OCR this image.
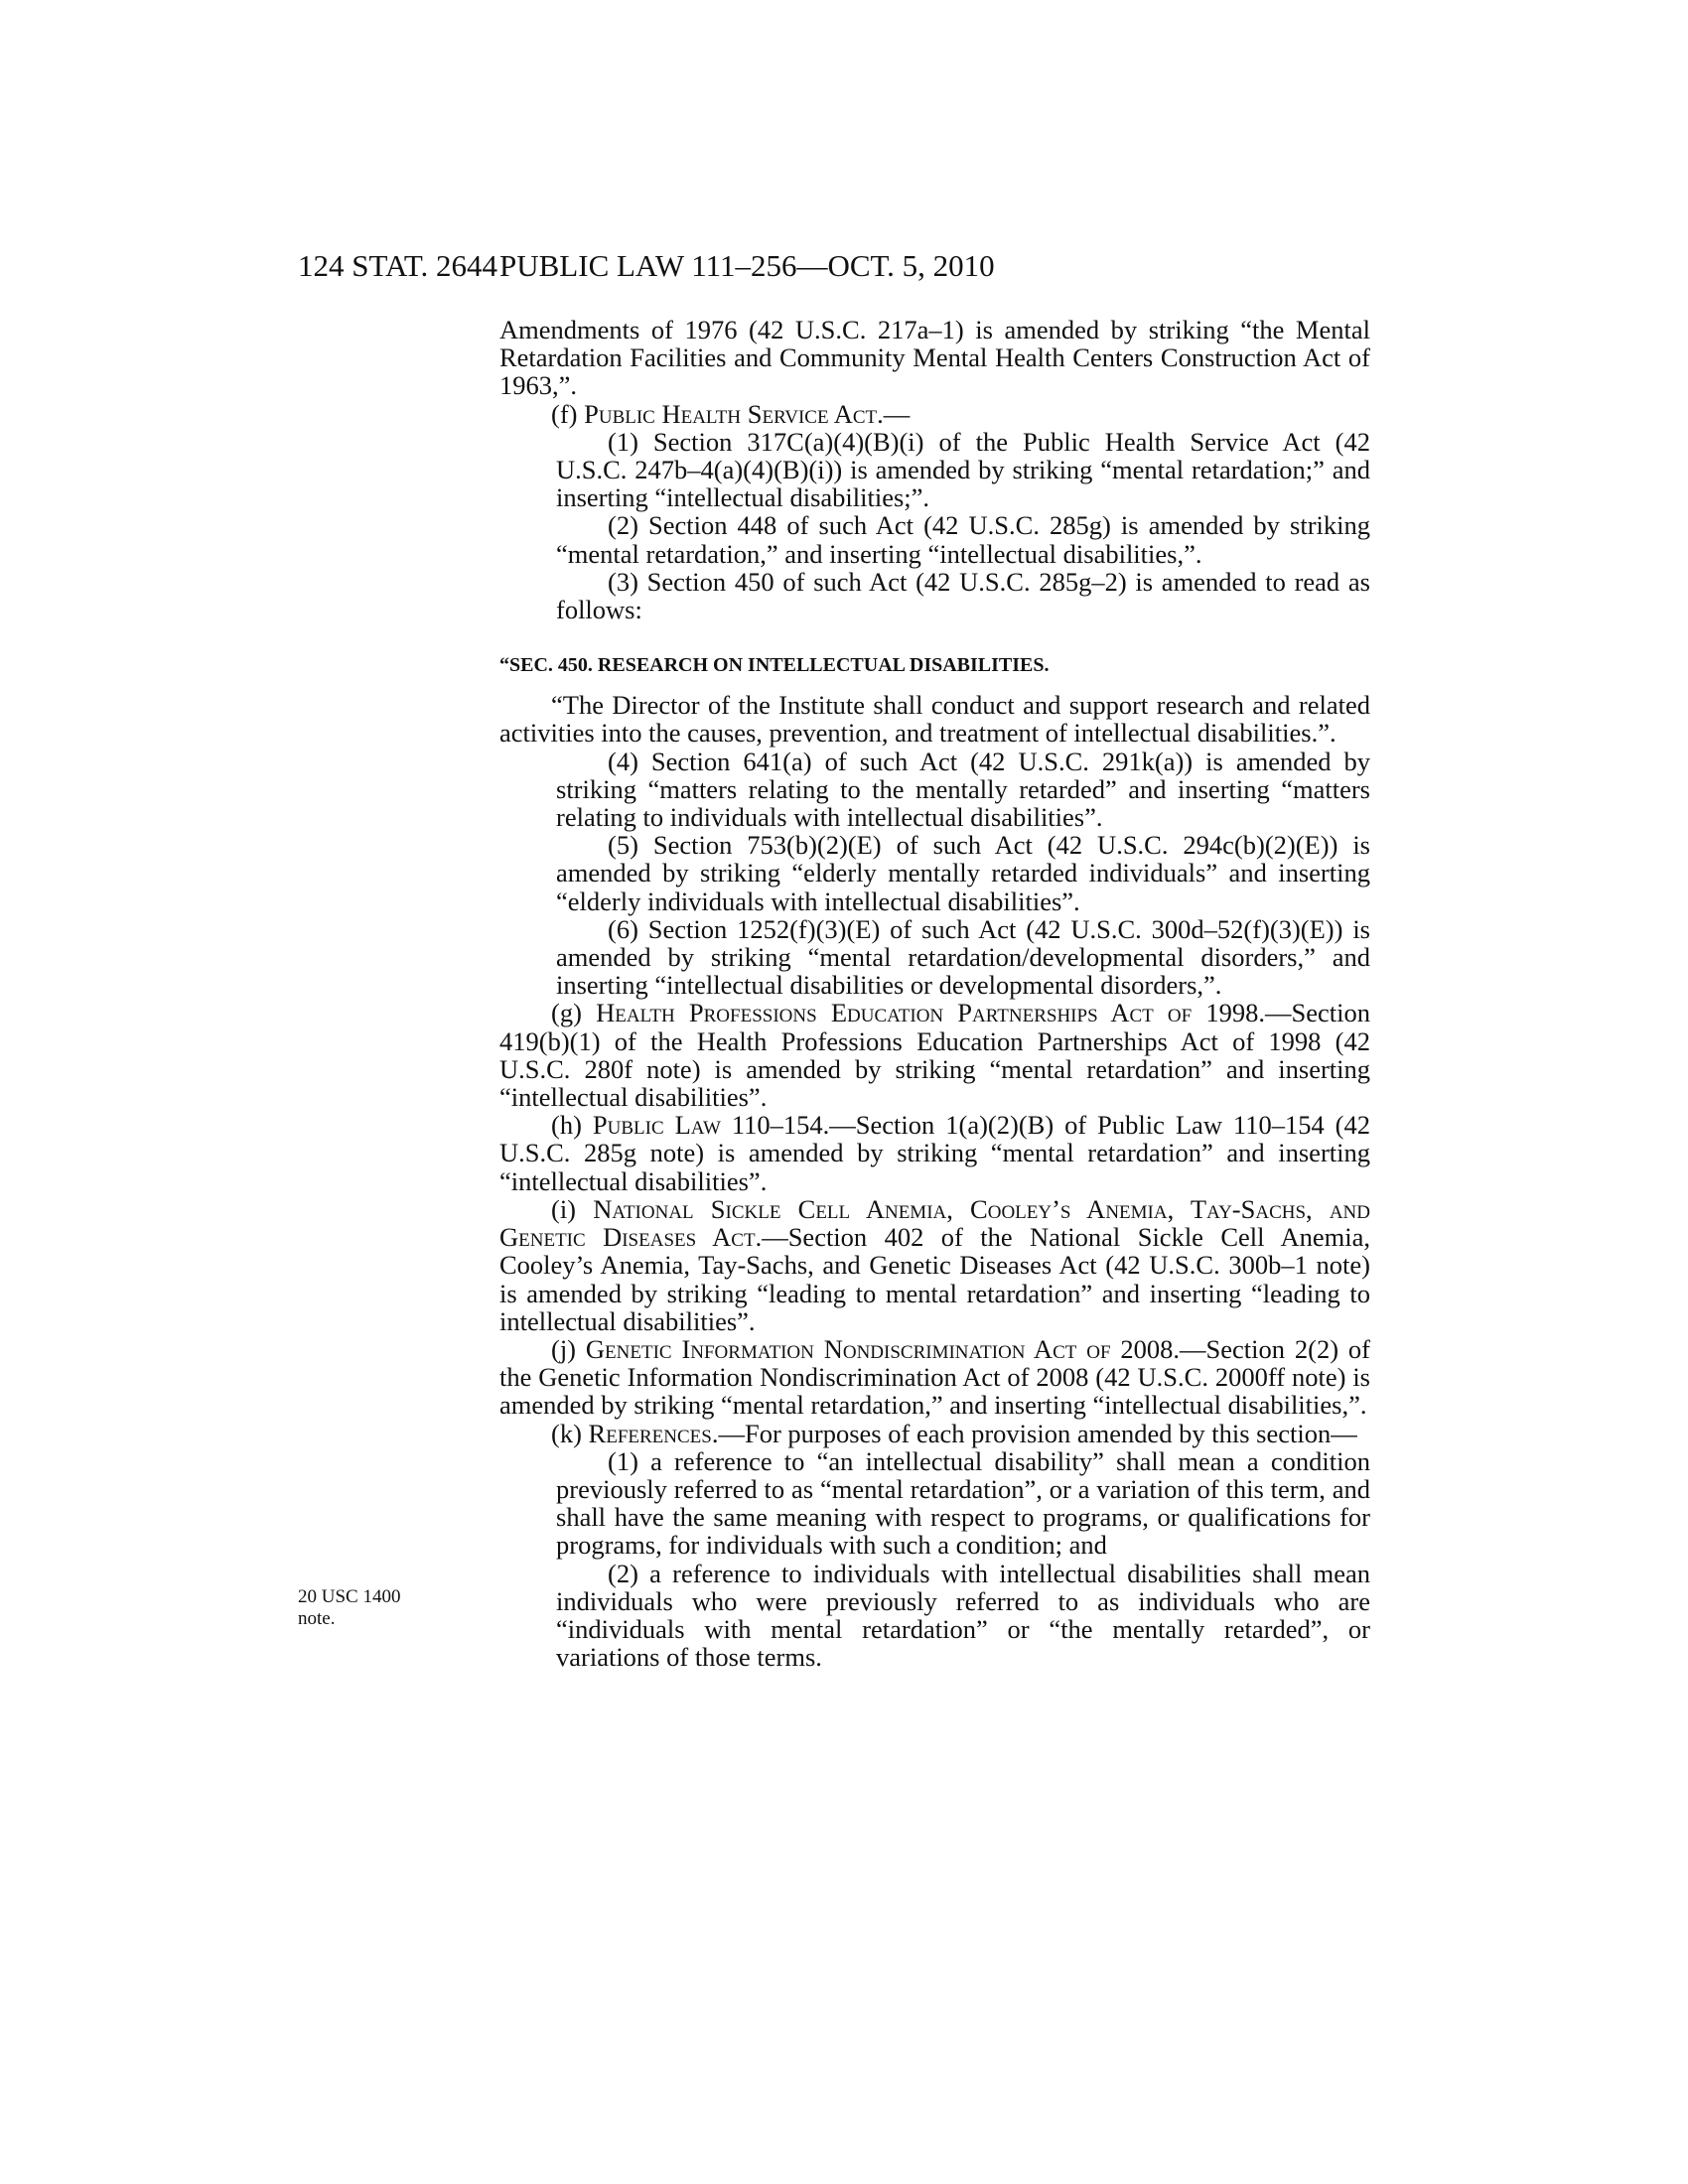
124 STAT. 2644 PUBLIC LAW 111–256—OCT. 5, 2010
20 USC 1400
note.

Amendments of 1976 (42 U.S.C. 217a–1) is amended by striking “the Mental Retardation Facilities and Community Mental Health Centers Construction Act of 1963,”.

(f) Public Health Service Act.—

(1) Section 317C(a)(4)(B)(i) of the Public Health Service Act (42 U.S.C. 247b–4(a)(4)(B)(i)) is amended by striking “mental retardation;” and inserting “intellectual disabilities;”.

(2) Section 448 of such Act (42 U.S.C. 285g) is amended by striking “mental retardation,” and inserting “intellectual disabilities,”.

(3) Section 450 of such Act (42 U.S.C. 285g–2) is amended to read as follows:

“SEC. 450. RESEARCH ON INTELLECTUAL DISABILITIES.

“The Director of the Institute shall conduct and support research and related activities into the causes, prevention, and treatment of intellectual disabilities.”.

(4) Section 641(a) of such Act (42 U.S.C. 291k(a)) is amended by striking “matters relating to the mentally retarded” and inserting “matters relating to individuals with intellectual disabilities”.

(5) Section 753(b)(2)(E) of such Act (42 U.S.C. 294c(b)(2)(E)) is amended by striking “elderly mentally retarded individuals” and inserting “elderly individuals with intellectual disabilities”.

(6) Section 1252(f)(3)(E) of such Act (42 U.S.C. 300d–52(f)(3)(E)) is amended by striking “mental retardation/developmental disorders,” and inserting “intellectual disabilities or developmental disorders,”.

(g) Health Professions Education Partnerships Act of 1998.—Section 419(b)(1) of the Health Professions Education Partnerships Act of 1998 (42 U.S.C. 280f note) is amended by striking “mental retardation” and inserting “intellectual disabilities”.

(h) Public Law 110–154.—Section 1(a)(2)(B) of Public Law 110–154 (42 U.S.C. 285g note) is amended by striking “mental retardation” and inserting “intellectual disabilities”.

(i) National Sickle Cell Anemia, Cooley’s Anemia, Tay-Sachs, and Genetic Diseases Act.—Section 402 of the National Sickle Cell Anemia, Cooley’s Anemia, Tay-Sachs, and Genetic Diseases Act (42 U.S.C. 300b–1 note) is amended by striking “leading to mental retardation” and inserting “leading to intellectual disabilities”.

(j) Genetic Information Nondiscrimination Act of 2008.—Section 2(2) of the Genetic Information Nondiscrimination Act of 2008 (42 U.S.C. 2000ff note) is amended by striking “mental retardation,” and inserting “intellectual disabilities,”.

(k) References.—For purposes of each provision amended by this section—

(1) a reference to “an intellectual disability” shall mean a condition previously referred to as “mental retardation”, or a variation of this term, and shall have the same meaning with respect to programs, or qualifications for programs, for individuals with such a condition; and

(2) a reference to individuals with intellectual disabilities shall mean individuals who were previously referred to as individuals who are “individuals with mental retardation” or “the mentally retarded”, or variations of those terms.
